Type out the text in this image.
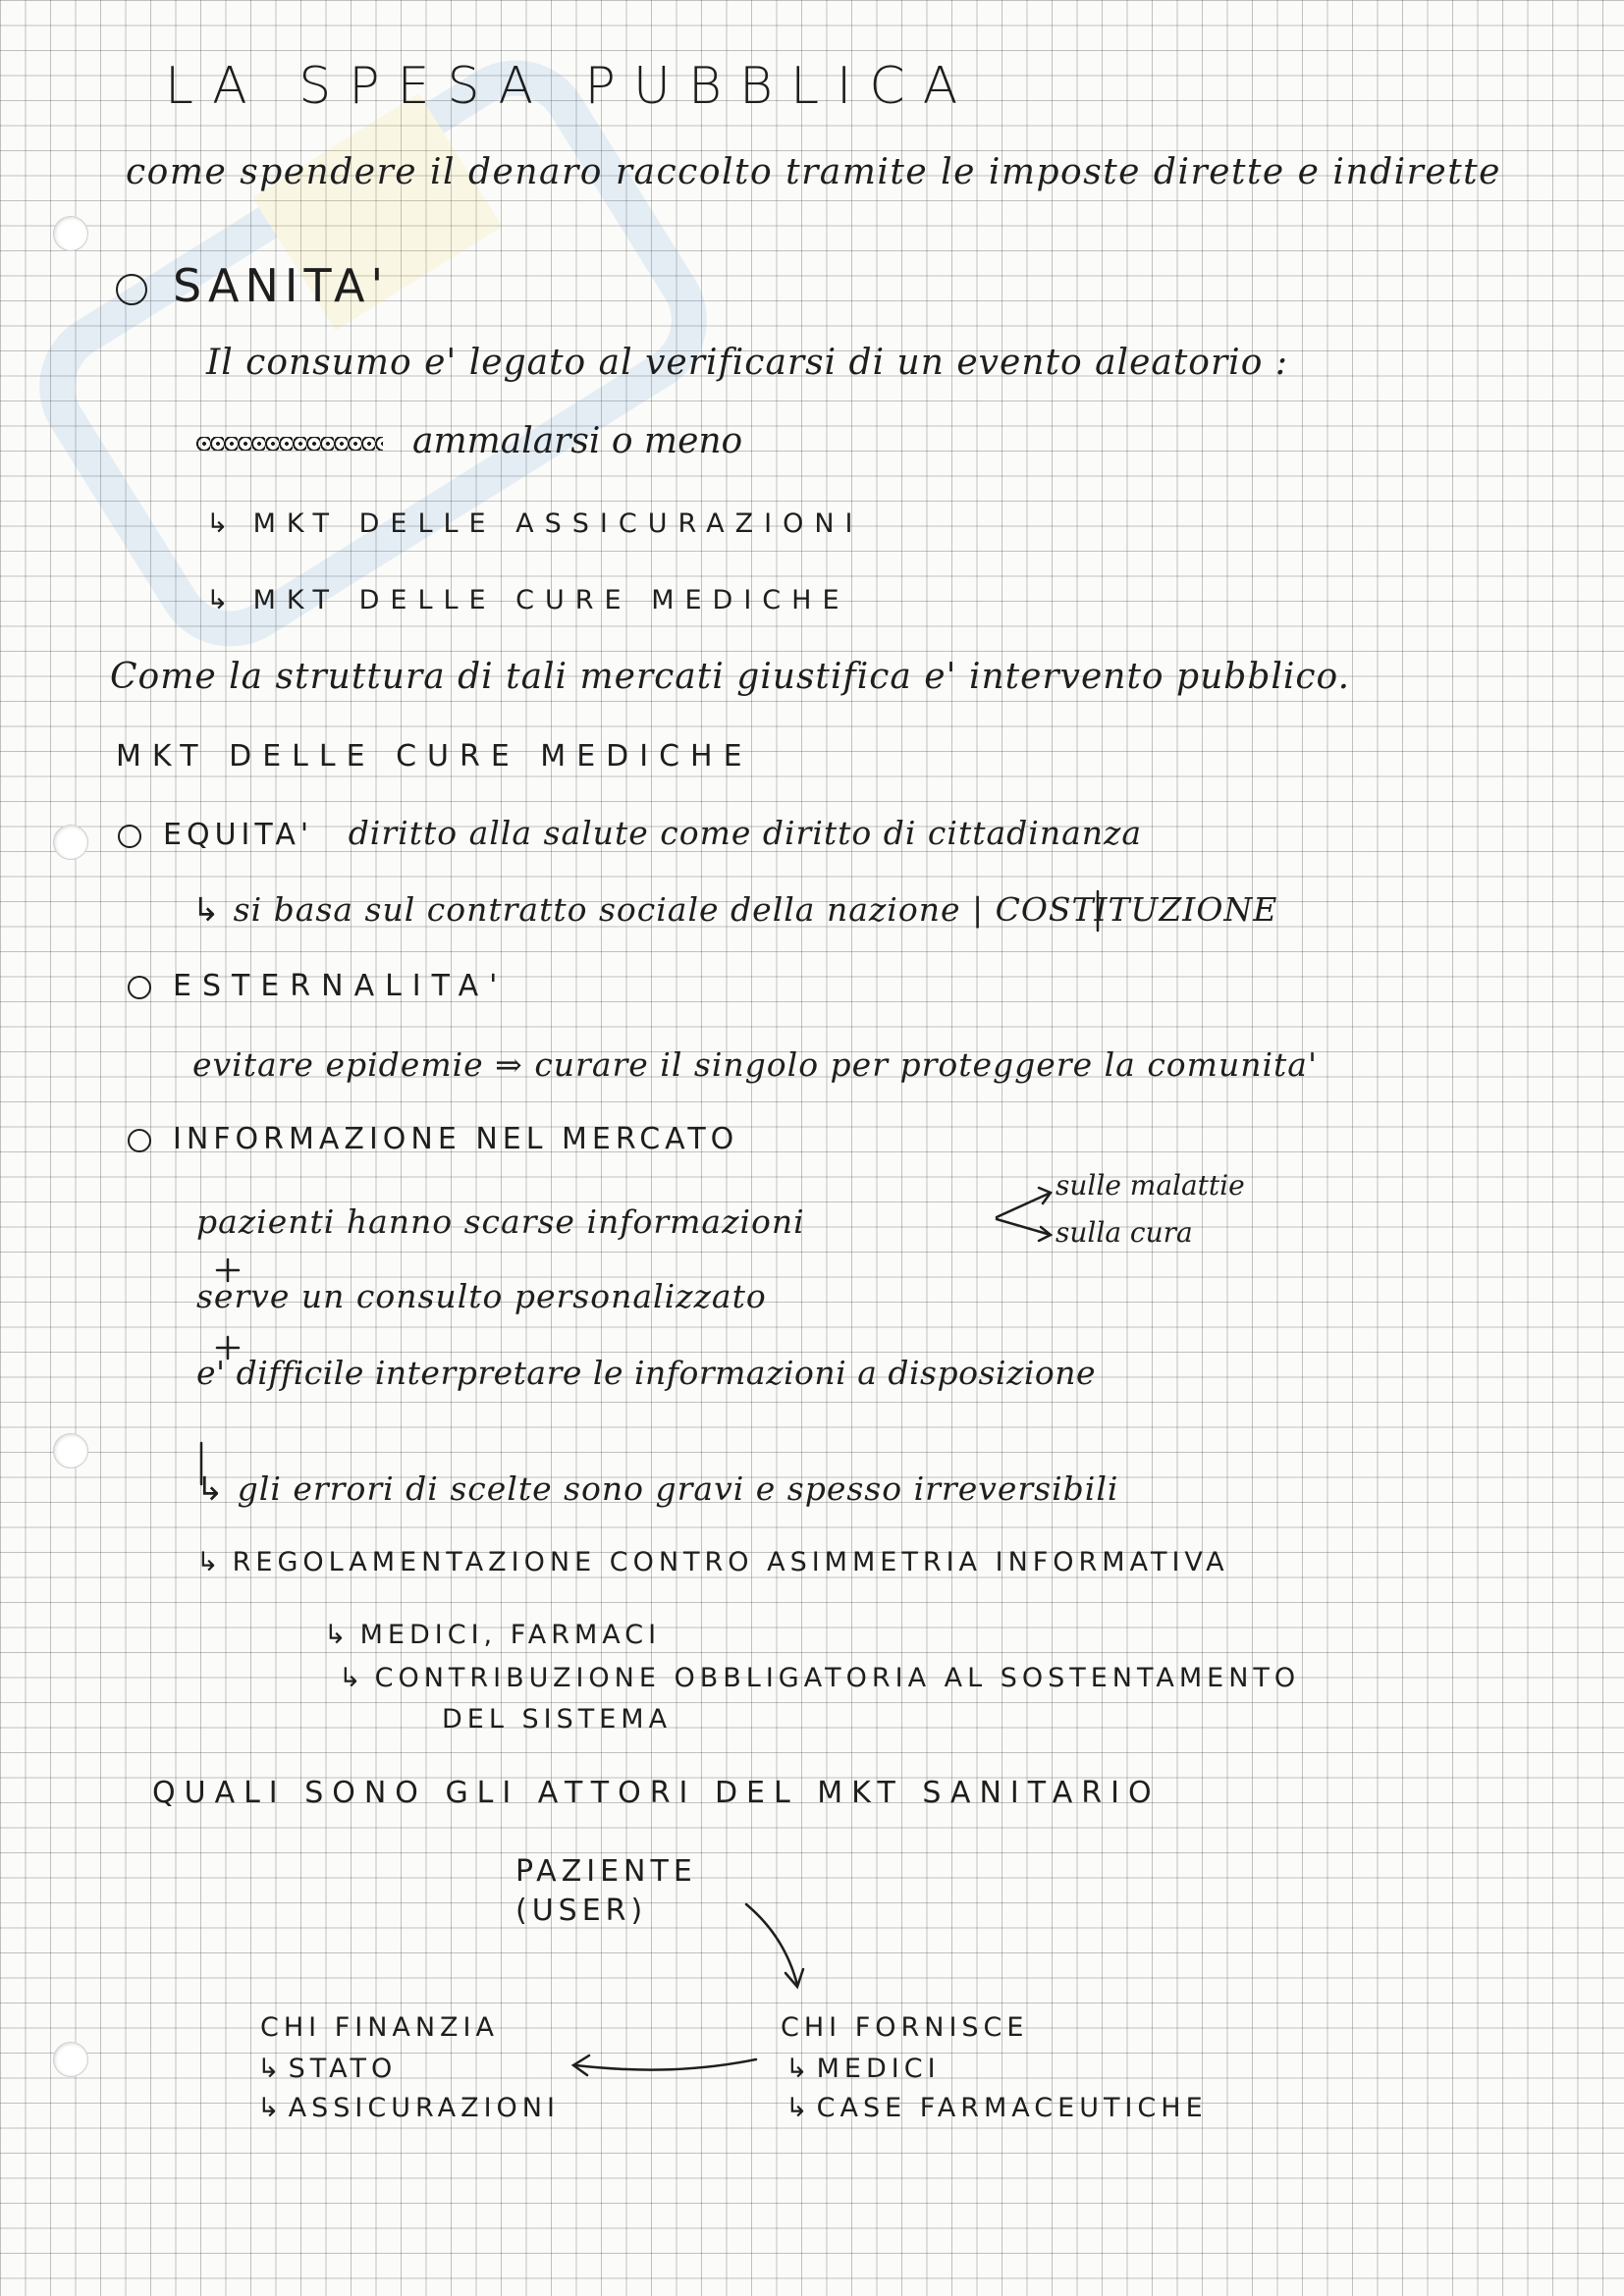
LA SPESA PUBBLICA
come spendere il denaro raccolto tramite le imposte dirette e indirette
SANITA'
Il consumo e' legato al verificarsi di un evento aleatorio :
ammalarsi o meno
↳ MKT DELLE ASSICURAZIONI
↳ MKT DELLE CURE MEDICHE
Come la struttura di tali mercati giustifica e' intervento pubblico.
MKT DELLE CURE MEDICHE
EQUITA' diritto alla salute come diritto di cittadinanza
↳ si basa sul contratto sociale della nazione | COSTITUZIONE
ESTERNALITA'
evitare epidemie ⇒ curare il singolo per proteggere la comunita'
INFORMAZIONE NEL MERCATO
pazienti hanno scarse informazioni
sulle malattie
sulla cura
serve un consulto personalizzato
e' difficile interpretare le informazioni a disposizione
↳ gli errori di scelte sono gravi e spesso irreversibili
↳ REGOLAMENTAZIONE CONTRO ASIMMETRIA INFORMATIVA
↳ MEDICI, FARMACI
↳ CONTRIBUZIONE OBBLIGATORIA AL SOSTENTAMENTO
DEL SISTEMA
QUALI SONO GLI ATTORI DEL MKT SANITARIO
PAZIENTE
(USER)
CHI FINANZIA
↳ STATO
↳ ASSICURAZIONI
CHI FORNISCE
↳ MEDICI
↳ CASE FARMACEUTICHE
